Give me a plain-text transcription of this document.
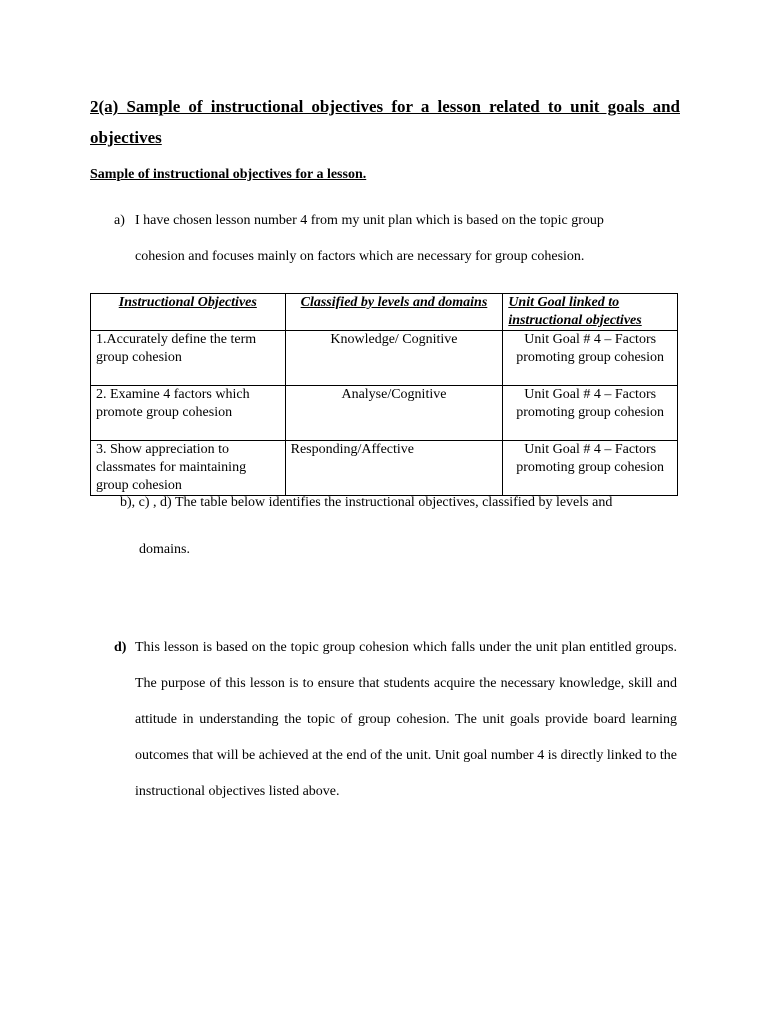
2(a) Sample of instructional objectives for a lesson related to unit goals and objectives
Sample of instructional objectives for a lesson.
a) I have chosen lesson number 4 from my unit plan which is based on the topic group
cohesion and focuses mainly on factors which are necessary for group cohesion.
Instructional Objectives	Classified by levels and domains	Unit Goal linked to instructional objectives
1.Accurately define the term group cohesion	Knowledge/ Cognitive	Unit Goal # 4 – Factors promoting group cohesion
2. Examine 4 factors which promote group cohesion	Analyse/Cognitive	Unit Goal # 4 – Factors promoting group cohesion
3. Show appreciation to classmates for maintaining group cohesion	Responding/Affective	Unit Goal # 4 – Factors promoting group cohesion
b), c) , d) The table below identifies the instructional objectives, classified by levels and
domains.
d) This lesson is based on the topic group cohesion which falls under the unit plan entitled groups. The purpose of this lesson is to ensure that students acquire the necessary knowledge, skill and attitude in understanding the topic of group cohesion. The unit goals provide board learning outcomes that will be achieved at the end of the unit. Unit goal number 4 is directly linked to the instructional objectives listed above.
